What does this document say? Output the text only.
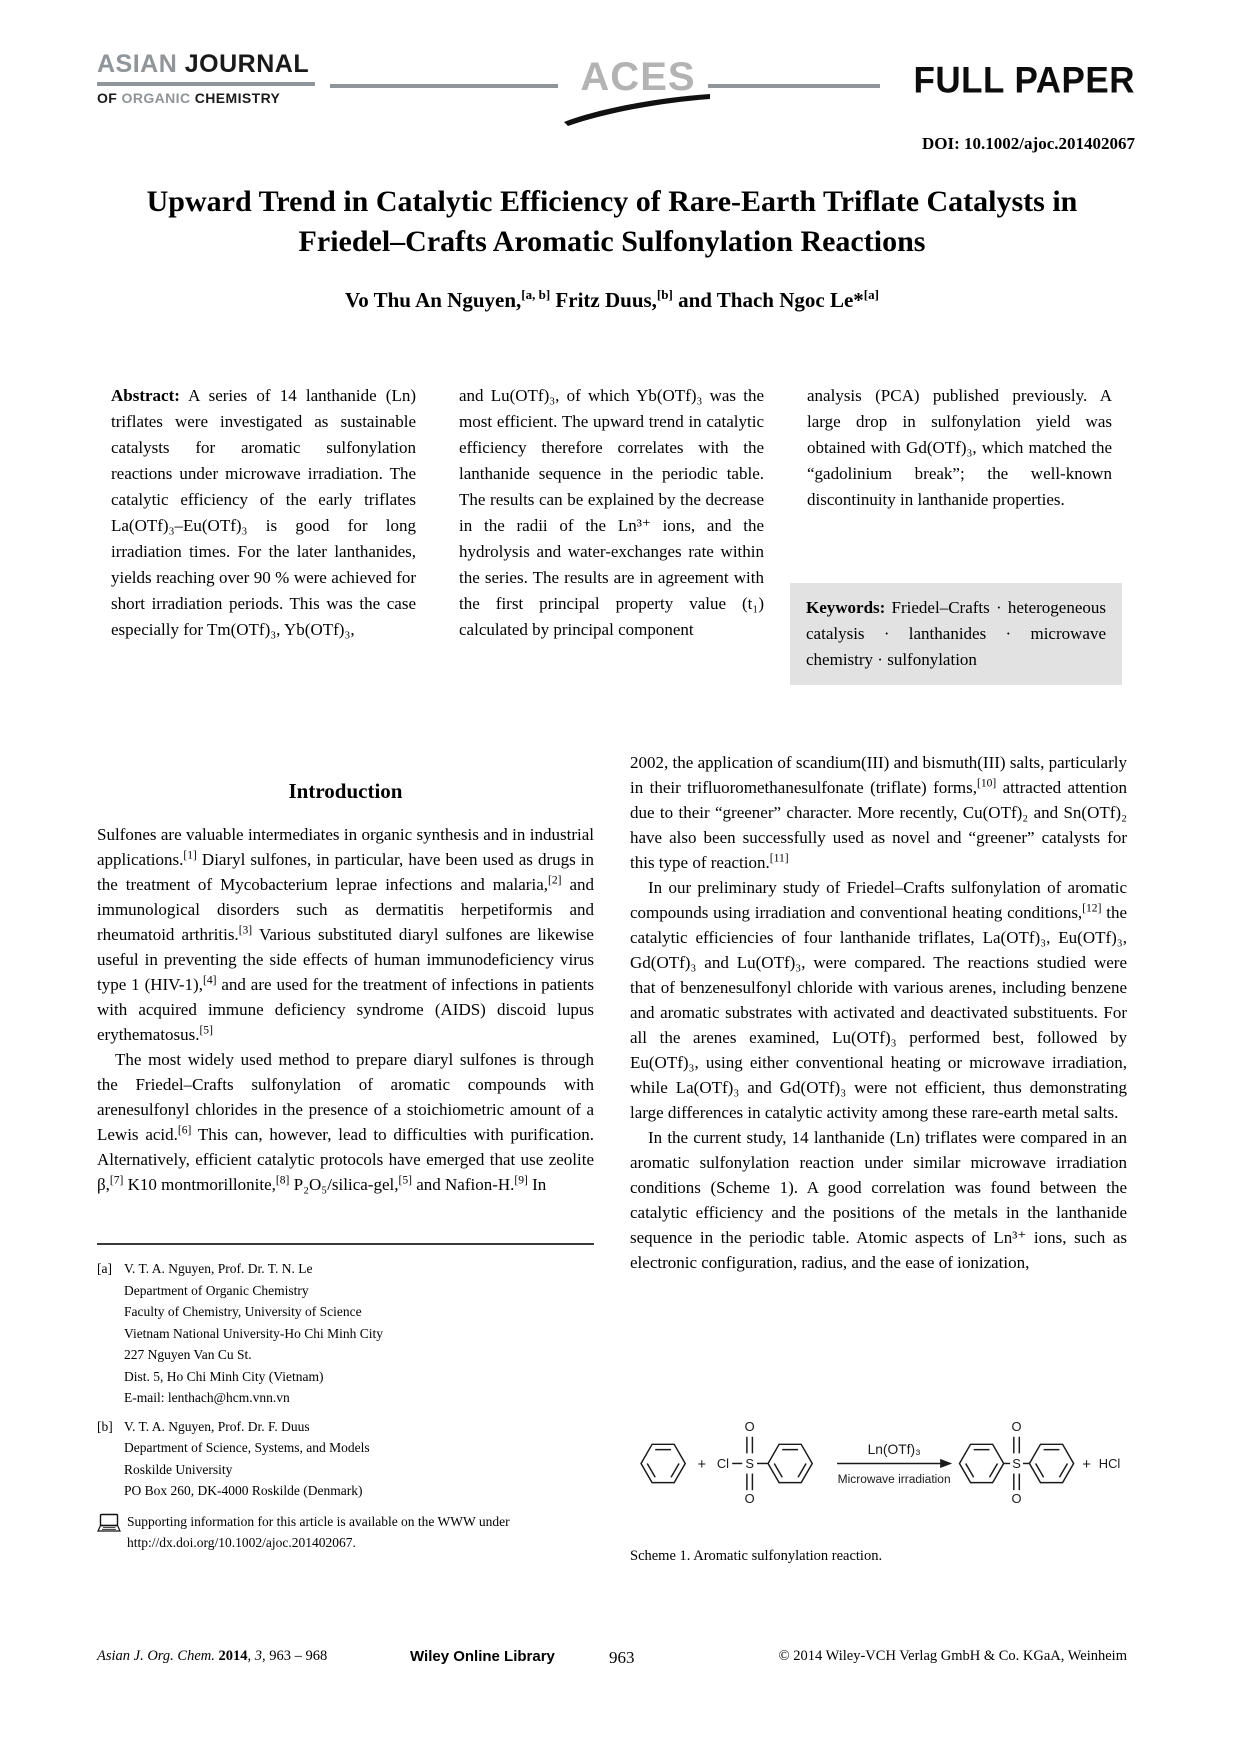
ASIAN JOURNAL
OF ORGANIC CHEMISTRY	ACES	FULL PAPER
DOI: 10.1002/ajoc.201402067
Upward Trend in Catalytic Efficiency of Rare-Earth Triflate Catalysts in
Friedel–Crafts Aromatic Sulfonylation Reactions
Vo Thu An Nguyen,[a, b] Fritz Duus,[b] and Thach Ngoc Le*[a]
Abstract: A series of 14 lanthanide (Ln) triflates were investigated as sustainable catalysts for aromatic sulfonylation reactions under microwave irradiation. The catalytic efficiency of the early triflates La(OTf)₃–Eu(OTf)₃ is good for long irradiation times. For the later lanthanides, yields reaching over 90 % were achieved for short irradiation periods. This was the case especially for Tm(OTf)₃, Yb(OTf)₃,
and Lu(OTf)₃, of which Yb(OTf)₃ was the most efficient. The upward trend in catalytic efficiency therefore correlates with the lanthanide sequence in the periodic table. The results can be explained by the decrease in the radii of the Ln³⁺ ions, and the hydrolysis and water-exchanges rate within the series. The results are in agreement with the first principal property value (t₁) calculated by principal component
analysis (PCA) published previously. A large drop in sulfonylation yield was obtained with Gd(OTf)₃, which matched the “gadolinium break”; the well-known discontinuity in lanthanide properties.
Keywords: Friedel–Crafts · heterogeneous catalysis · lanthanides · microwave chemistry · sulfonylation
Introduction

Sulfones are valuable intermediates in organic synthesis and in industrial applications.[1] Diaryl sulfones, in particular, have been used as drugs in the treatment of Mycobacterium leprae infections and malaria,[2] and immunological disorders such as dermatitis herpetiformis and rheumatoid arthritis.[3] Various substituted diaryl sulfones are likewise useful in preventing the side effects of human immunodeficiency virus type 1 (HIV-1),[4] and are used for the treatment of infections in patients with acquired immune deficiency syndrome (AIDS) discoid lupus erythematosus.[5]

The most widely used method to prepare diaryl sulfones is through the Friedel–Crafts sulfonylation of aromatic compounds with arenesulfonyl chlorides in the presence of a stoichiometric amount of a Lewis acid.[6] This can, however, lead to difficulties with purification. Alternatively, efficient catalytic protocols have emerged that use zeolite β,[7] K10 montmorillonite,[8] P₂O₅/silica-gel,[5] and Nafion-H.[9] In

2002, the application of scandium(III) and bismuth(III) salts, particularly in their trifluoromethanesulfonate (triflate) forms,[10] attracted attention due to their “greener” character. More recently, Cu(OTf)₂ and Sn(OTf)₂ have also been successfully used as novel and “greener” catalysts for this type of reaction.[11]

In our preliminary study of Friedel–Crafts sulfonylation of aromatic compounds using irradiation and conventional heating conditions,[12] the catalytic efficiencies of four lanthanide triflates, La(OTf)₃, Eu(OTf)₃, Gd(OTf)₃ and Lu(OTf)₃, were compared. The reactions studied were that of benzenesulfonyl chloride with various arenes, including benzene and aromatic substrates with activated and deactivated substituents. For all the arenes examined, Lu(OTf)₃ performed best, followed by Eu(OTf)₃, using either conventional heating or microwave irradiation, while La(OTf)₃ and Gd(OTf)₃ were not efficient, thus demonstrating large differences in catalytic activity among these rare-earth metal salts.

In the current study, 14 lanthanide (Ln) triflates were compared in an aromatic sulfonylation reaction under similar microwave irradiation conditions (Scheme 1). A good correlation was found between the catalytic efficiency and the positions of the metals in the lanthanide sequence in the periodic table. Atomic aspects of Ln³⁺ ions, such as electronic configuration, radius, and the ease of ionization,

[a] V. T. A. Nguyen, Prof. Dr. T. N. Le
Department of Organic Chemistry
Faculty of Chemistry, University of Science
Vietnam National University-Ho Chi Minh City
227 Nguyen Van Cu St.
Dist. 5, Ho Chi Minh City (Vietnam)
E-mail: lenthach@hcm.vnn.vn
[b] V. T. A. Nguyen, Prof. Dr. F. Duus
Department of Science, Systems, and Models
Roskilde University
PO Box 260, DK-4000 Roskilde (Denmark)
Supporting information for this article is available on the WWW under http://dx.doi.org/10.1002/ajoc.201402067.
+ Cl S
O
O
Ln(OTf)₃
Microwave irradiation
S
O
O
+ HCl
Scheme 1. Aromatic sulfonylation reaction.
Asian J. Org. Chem. 2014, 3, 963 – 968	Wiley Online Library	963	© 2014 Wiley-VCH Verlag GmbH & Co. KGaA, Weinheim
